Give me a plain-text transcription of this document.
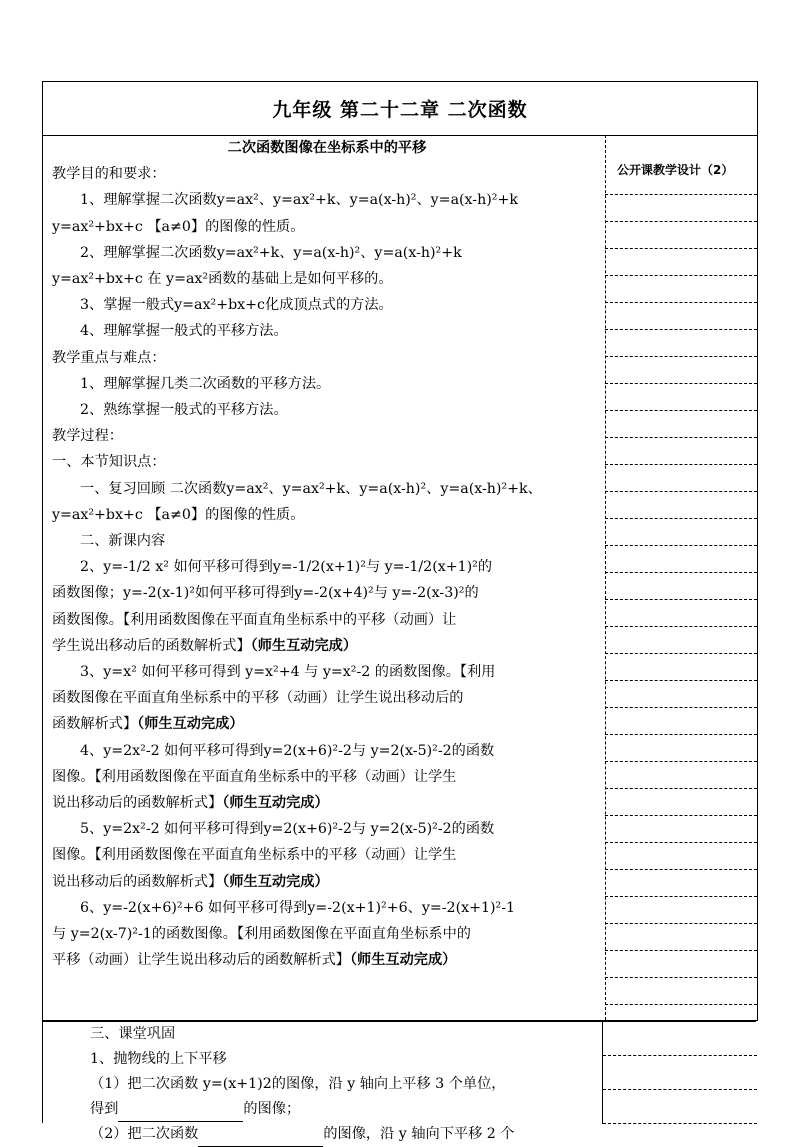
九年级 第二十二章 二次函数

二次函数图像在坐标系中的平移

教学目的和要求：

1、理解掌握二次函数y=ax²、y=ax²+k、y=a(x-h)²、y=a(x-h)²+k

y=ax²+bx+c 【a≠0】的图像的性质。

2、理解掌握二次函数y=ax²+k、y=a(x-h)²、y=a(x-h)²+k

y=ax²+bx+c 在 y=ax²函数的基础上是如何平移的。

3、掌握一般式y=ax²+bx+c化成顶点式的方法。

4、理解掌握一般式的平移方法。

教学重点与难点：

1、理解掌握几类二次函数的平移方法。

2、熟练掌握一般式的平移方法。

教学过程：

一、本节知识点：

一、复习回顾 二次函数y=ax²、y=ax²+k、y=a(x-h)²、y=a(x-h)²+k、

y=ax²+bx+c 【a≠0】的图像的性质。

二、新课内容

2、y=-1/2 x² 如何平移可得到y=-1/2(x+1)²与 y=-1/2(x+1)²的

函数图像；y=-2(x-1)²如何平移可得到y=-2(x+4)²与 y=-2(x-3)²的

函数图像。【利用函数图像在平面直角坐标系中的平移（动画）让

学生说出移动后的函数解析式】（师生互动完成）

3、y=x² 如何平移可得到 y=x²+4 与 y=x²-2 的函数图像。【利用

函数图像在平面直角坐标系中的平移（动画）让学生说出移动后的

函数解析式】（师生互动完成）

4、y=2x²-2 如何平移可得到y=2(x+6)²-2与 y=2(x-5)²-2的函数

图像。【利用函数图像在平面直角坐标系中的平移（动画）让学生

说出移动后的函数解析式】（师生互动完成）

5、y=2x²-2 如何平移可得到y=2(x+6)²-2与 y=2(x-5)²-2的函数

图像。【利用函数图像在平面直角坐标系中的平移（动画）让学生

说出移动后的函数解析式】（师生互动完成）

6、y=-2(x+6)²+6 如何平移可得到y=-2(x+1)²+6、y=-2(x+1)²-1

与 y=2(x-7)²-1的函数图像。【利用函数图像在平面直角坐标系中的

平移（动画）让学生说出移动后的函数解析式】（师生互动完成）

公开课教学设计（2）

三、课堂巩固

1、抛物线的上下平移

（1）把二次函数 y=(x+1)2的图像，沿 y 轴向上平移 3 个单位，

得到	的图像；

（2）把二次函数	的图像，沿 y 轴向下平移 2 个
